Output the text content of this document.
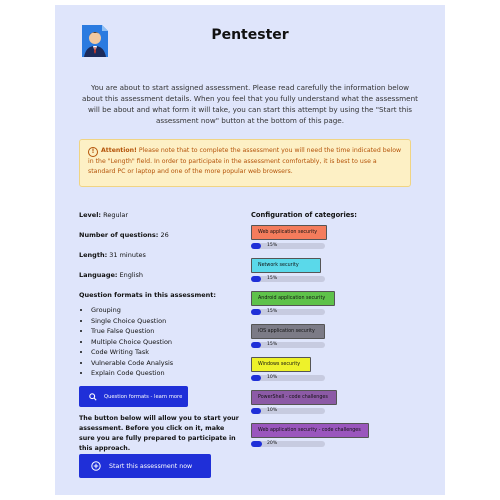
Pentester
You are about to start assigned assessment. Please read carefully the information below about this assessment details. When you feel that you fully understand what the assessment will be about and what form it will take, you can start this attempt by using the "Start this assessment now" button at the bottom of this page.
! Attention! Please note that to complete the assessment you will need the time indicated below in the "Length" field. In order to participate in the assessment comfortably, it is best to use a standard PC or laptop and one of the more popular web browsers.
Level: Regular
Number of questions: 26
Length: 31 minutes
Language: English
Question formats in this assessment:
• Grouping
• Single Choice Question
• True False Question
• Multiple Choice Question
• Code Writing Task
• Vulnerable Code Analysis
• Explain Code Question
Question formats - learn more
The button below will allow you to start your assessment. Before you click on it, make sure you are fully prepared to participate in this approach.
Start this assessment now
Configuration of categories:
Web application security
15%
Network security
15%
Android application security
15%
iOS application security
15%
Windows security
10%
PowerShell - code challenges
10%
Web application security - code challenges
20%
